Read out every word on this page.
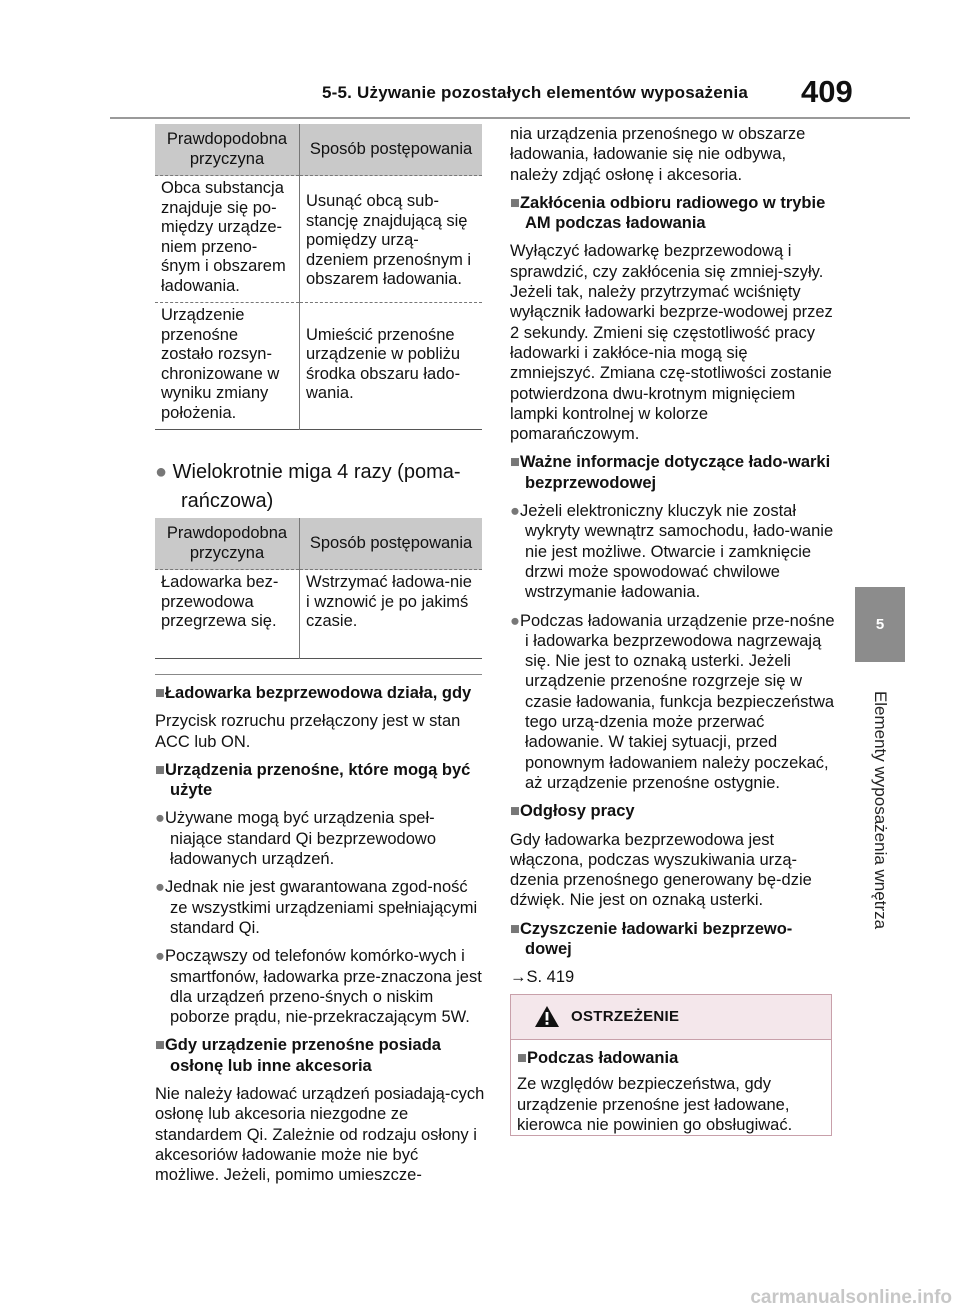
5-5. Używanie pozostałych elementów wyposażenia 409
5
Elementy wyposażenia wnętrza
Prawdopodobna przyczyna	Sposób postępowania
Obca substancja znajduje się po-między urządze-niem przeno-śnym i obszarem ładowania.	Usunąć obcą sub-stancję znajdującą się pomiędzy urzą-dzeniem przenośnym i obszarem ładowania.
Urządzenie przenośne zostało rozsyn-chronizowane w wyniku zmiany położenia.	Umieścić przenośne urządzenie w pobliżu środka obszaru łado-wania.
● Wielokrotnie miga 4 razy (poma-
rańczowa)
Prawdopodobna przyczyna	Sposób postępowania
Ładowarka bez-przewodowa przegrzewa się.	Wstrzymać ładowa-nie i wznowić je po jakimś czasie.
■Ładowarka bezprzewodowa działa, gdy

Przycisk rozruchu przełączony jest w stan ACC lub ON.

■Urządzenia przenośne, które mogą być użyte
●Używane mogą być urządzenia speł-niające standard Qi bezprzewodowo ładowanych urządzeń.
●Jednak nie jest gwarantowana zgod-ność ze wszystkimi urządzeniami spełniającymi standard Qi.
●Począwszy od telefonów komórko-wych i smartfonów, ładowarka prze-znaczona jest dla urządzeń przeno-śnych o niskim poborze prądu, nie-przekraczającym 5W.
■Gdy urządzenie przenośne posiada osłonę lub inne akcesoria

Nie należy ładować urządzeń posiadają-cych osłonę lub akcesoria niezgodne ze standardem Qi. Zależnie od rodzaju osłony i akcesoriów ładowanie może nie być możliwe. Jeżeli, pomimo umieszcze-

nia urządzenia przenośnego w obszarze ładowania, ładowanie się nie odbywa, należy zdjąć osłonę i akcesoria.

■Zakłócenia odbioru radiowego w trybie AM podczas ładowania

Wyłączyć ładowarkę bezprzewodową i sprawdzić, czy zakłócenia się zmniej-szyły. Jeżeli tak, należy przytrzymać wciśnięty wyłącznik ładowarki bezprze-wodowej przez 2 sekundy. Zmieni się częstotliwość pracy ładowarki i zakłóce-nia mogą się zmniejszyć. Zmiana czę-stotliwości zostanie potwierdzona dwu-krotnym mignięciem lampki kontrolnej w kolorze pomarańczowym.

■Ważne informacje dotyczące łado-warki bezprzewodowej
●Jeżeli elektroniczny kluczyk nie został wykryty wewnątrz samochodu, łado-wanie nie jest możliwe. Otwarcie i zamknięcie drzwi może spowodować chwilowe wstrzymanie ładowania.
●Podczas ładowania urządzenie prze-nośne i ładowarka bezprzewodowa nagrzewają się. Nie jest to oznaką usterki. Jeżeli urządzenie przenośne rozgrzeje się w czasie ładowania, funkcja bezpieczeństwa tego urzą-dzenia może przerwać ładowanie. W takiej sytuacji, przed ponownym ładowaniem należy poczekać, aż urządzenie przenośne ostygnie.
■Odgłosy pracy

Gdy ładowarka bezprzewodowa jest włączona, podczas wyszukiwania urzą-dzenia przenośnego generowany bę-dzie dźwięk. Nie jest on oznaką usterki.

■Czyszczenie ładowarki bezprzewo-dowej

→S. 419

OSTRZEŻENIE
■Podczas ładowania
Ze względów bezpieczeństwa, gdy urządzenie przenośne jest ładowane, kierowca nie powinien go obsługiwać.
carmanualsonline.info
